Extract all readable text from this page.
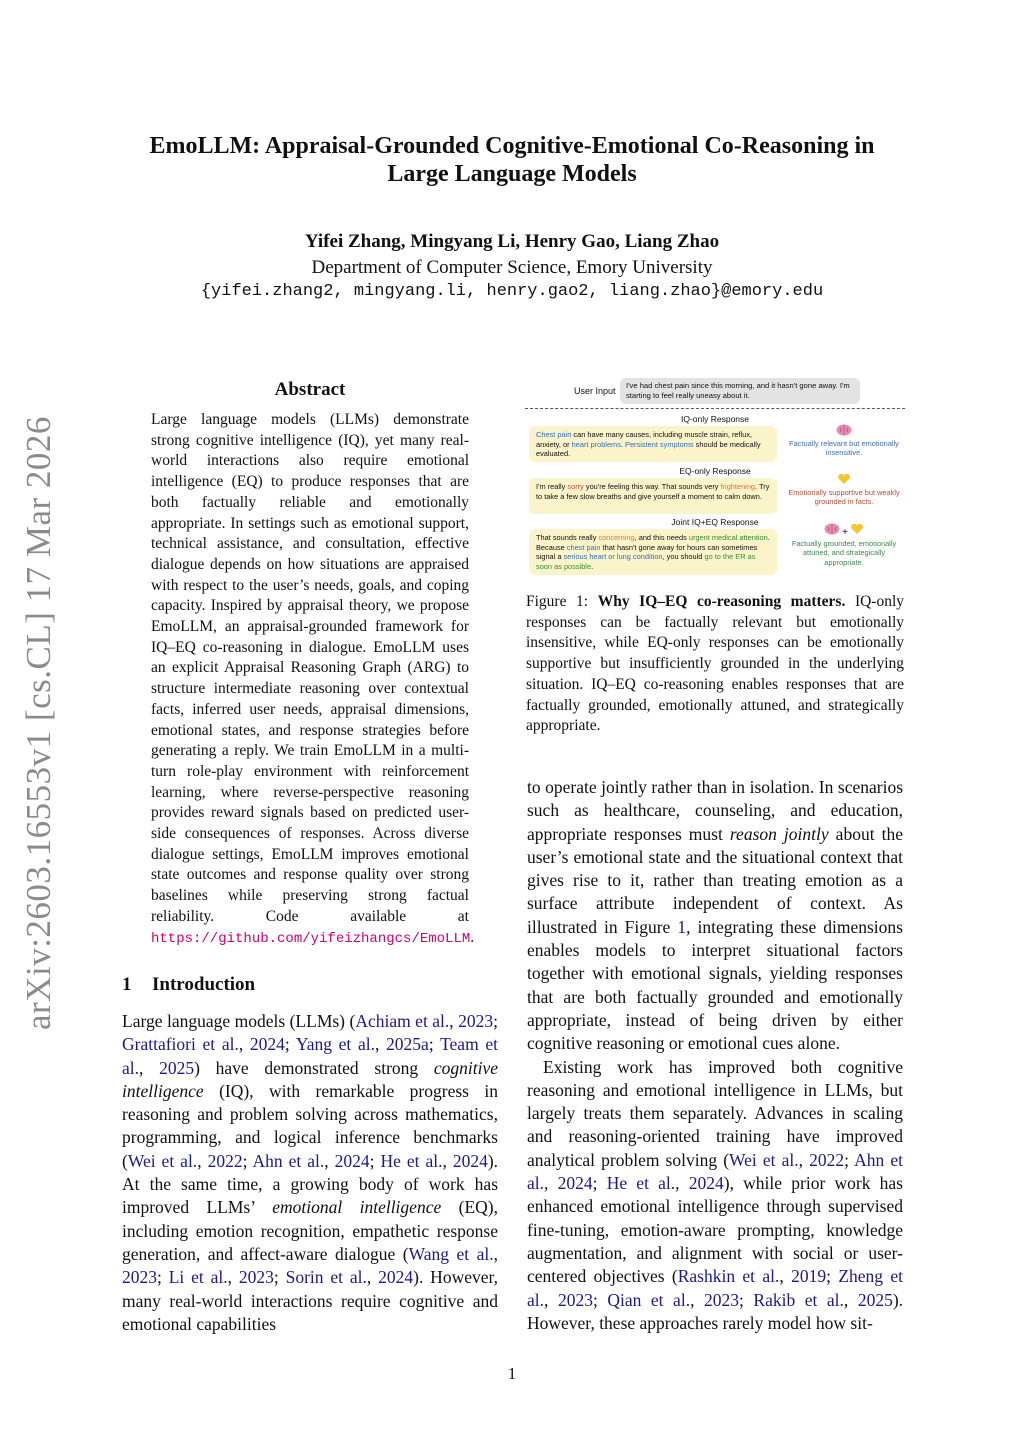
EmoLLM: Appraisal-Grounded Cognitive-Emotional Co-Reasoning in
Large Language Models
Yifei Zhang, Mingyang Li, Henry Gao, Liang Zhao
Department of Computer Science, Emory University
{yifei.zhang2, mingyang.li, henry.gao2, liang.zhao}@emory.edu
arXiv:2603.16553v1 [cs.CL] 17 Mar 2026
Abstract
Large language models (LLMs) demonstrate strong cognitive intelligence (IQ), yet many real-world interactions also require emotional intelligence (EQ) to produce responses that are both factually reliable and emotionally appropriate. In settings such as emotional support, technical assistance, and consultation, effective dialogue depends on how situations are appraised with respect to the user’s needs, goals, and coping capacity. Inspired by appraisal theory, we propose EmoLLM, an appraisal-grounded framework for IQ–EQ co-reasoning in dialogue. EmoLLM uses an explicit Appraisal Reasoning Graph (ARG) to structure intermediate reasoning over contextual facts, inferred user needs, appraisal dimensions, emotional states, and response strategies before generating a reply. We train EmoLLM in a multi-turn role-play environment with reinforcement learning, where reverse-perspective reasoning provides reward signals based on predicted user-side consequences of responses. Across diverse dialogue settings, EmoLLM improves emotional state outcomes and response quality over strong baselines while preserving strong factual reliability. Code available at https://github.com/yifeizhangcs/EmoLLM.
1 Introduction

Large language models (LLMs) (Achiam et al., 2023; Grattafiori et al., 2024; Yang et al., 2025a; Team et al., 2025) have demonstrated strong cognitive intelligence (IQ), with remarkable progress in reasoning and problem solving across mathematics, programming, and logical inference benchmarks (Wei et al., 2022; Ahn et al., 2024; He et al., 2024). At the same time, a growing body of work has improved LLMs’ emotional intelligence (EQ), including emotion recognition, empathetic response generation, and affect-aware dialogue (Wang et al., 2023; Li et al., 2023; Sorin et al., 2024). However, many real-world interactions require cognitive and emotional capabilities

User Input
I've had chest pain since this morning, and it hasn't gone away. I'm starting to feel really uneasy about it.
IQ-only Response
Chest pain can have many causes, including muscle strain, reflux, anxiety, or heart problems. Persistent symptoms should be medically evaluated.
Factually relevant but emotionally insensitive.
EQ-only Response
I'm really sorry you're feeling this way. That sounds very frightening. Try to take a few slow breaths and give yourself a moment to calm down.	Emotionally supportive but weakly grounded in facts.
Joint IQ+EQ Response
That sounds really concerning, and this needs urgent medical attention. Because chest pain that hasn't gone away for hours can sometimes signal a serious heart or lung condition, you should go to the ER as soon as possible.
+
Factually grounded, emotionally attuned, and strategically appropriate.
Figure 1: Why IQ–EQ co-reasoning matters. IQ-only responses can be factually relevant but emotionally insensitive, while EQ-only responses can be emotionally supportive but insufficiently grounded in the underlying situation. IQ–EQ co-reasoning enables responses that are factually grounded, emotionally attuned, and strategically appropriate.

to operate jointly rather than in isolation. In scenarios such as healthcare, counseling, and education, appropriate responses must reason jointly about the user’s emotional state and the situational context that gives rise to it, rather than treating emotion as a surface attribute independent of context. As illustrated in Figure 1, integrating these dimensions enables models to interpret situational factors together with emotional signals, yielding responses that are both factually grounded and emotionally appropriate, instead of being driven by either cognitive reasoning or emotional cues alone.

Existing work has improved both cognitive reasoning and emotional intelligence in LLMs, but largely treats them separately. Advances in scaling and reasoning-oriented training have improved analytical problem solving (Wei et al., 2022; Ahn et al., 2024; He et al., 2024), while prior work has enhanced emotional intelligence through supervised fine-tuning, emotion-aware prompting, knowledge augmentation, and alignment with social or user-centered objectives (Rashkin et al., 2019; Zheng et al., 2023; Qian et al., 2023; Rakib et al., 2025). However, these approaches rarely model how sit-

1
